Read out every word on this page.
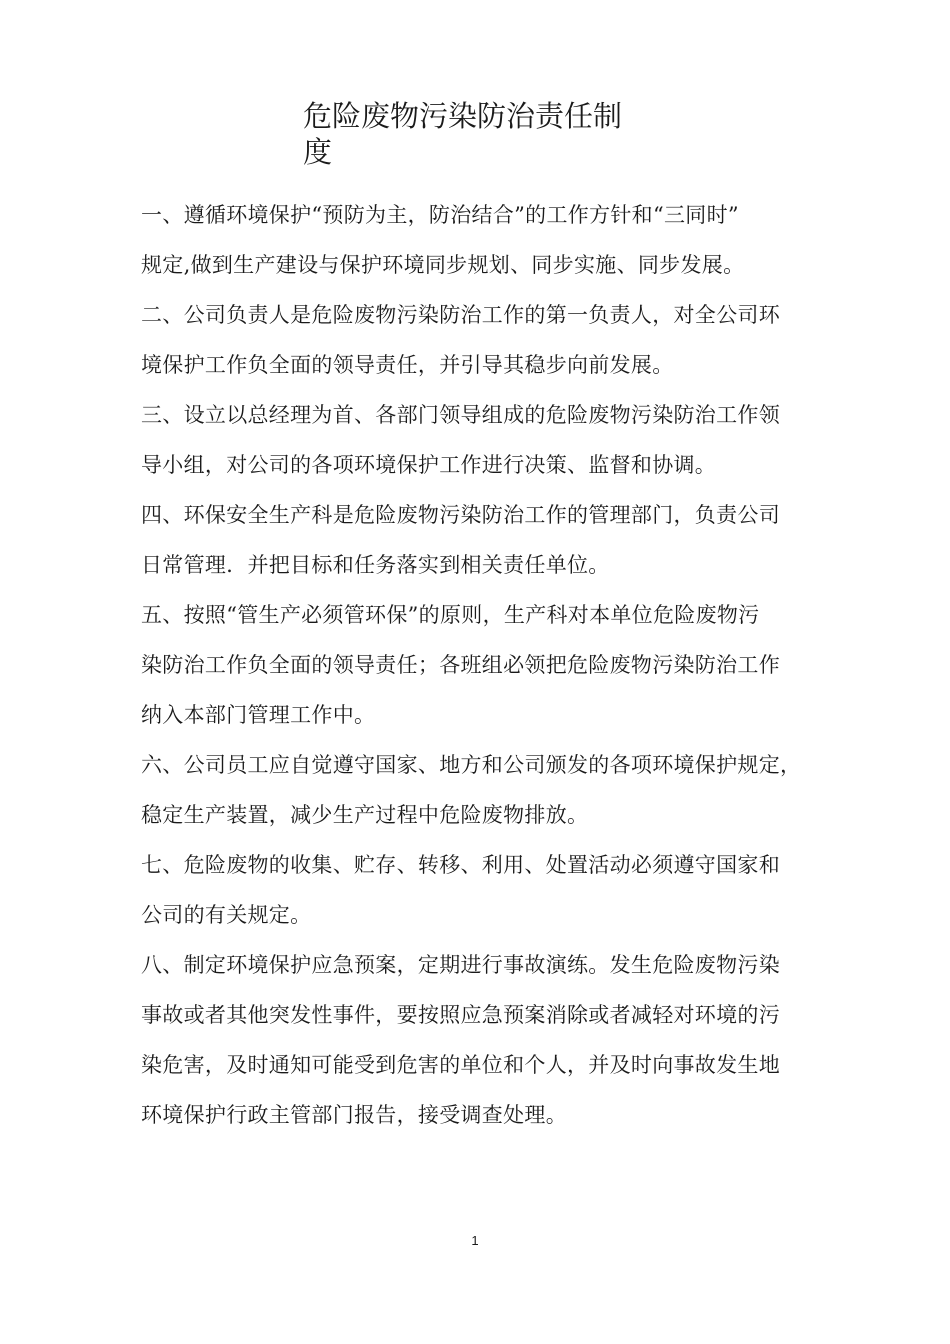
危险废物污染防治责任制
度
一、遵循环境保护“预防为主，防治结合”的工作方针和“三同时”
规定,做到生产建设与保护环境同步规划、同步实施、同步发展。
二、公司负责人是危险废物污染防治工作的第一负责人，对全公司环
境保护工作负全面的领导责任，并引导其稳步向前发展。
三、设立以总经理为首、各部门领导组成的危险废物污染防治工作领
导小组，对公司的各项环境保护工作进行决策、监督和协调。
四、环保安全生产科是危险废物污染防治工作的管理部门，负责公司
日常管理．并把目标和任务落实到相关责任单位。
五、按照“管生产必须管环保”的原则，生产科对本单位危险废物污
染防治工作负全面的领导责任；各班组必领把危险废物污染防治工作
纳入本部门管理工作中。
六、公司员工应自觉遵守国家、地方和公司颁发的各项环境保护规定，
稳定生产装置，减少生产过程中危险废物排放。
七、危险废物的收集、贮存、转移、利用、处置活动必须遵守国家和
公司的有关规定。
八、制定环境保护应急预案，定期进行事故演练。发生危险废物污染
事故或者其他突发性事件，要按照应急预案消除或者减轻对环境的污
染危害，及时通知可能受到危害的单位和个人，并及时向事故发生地
环境保护行政主管部门报告，接受调查处理。
1
